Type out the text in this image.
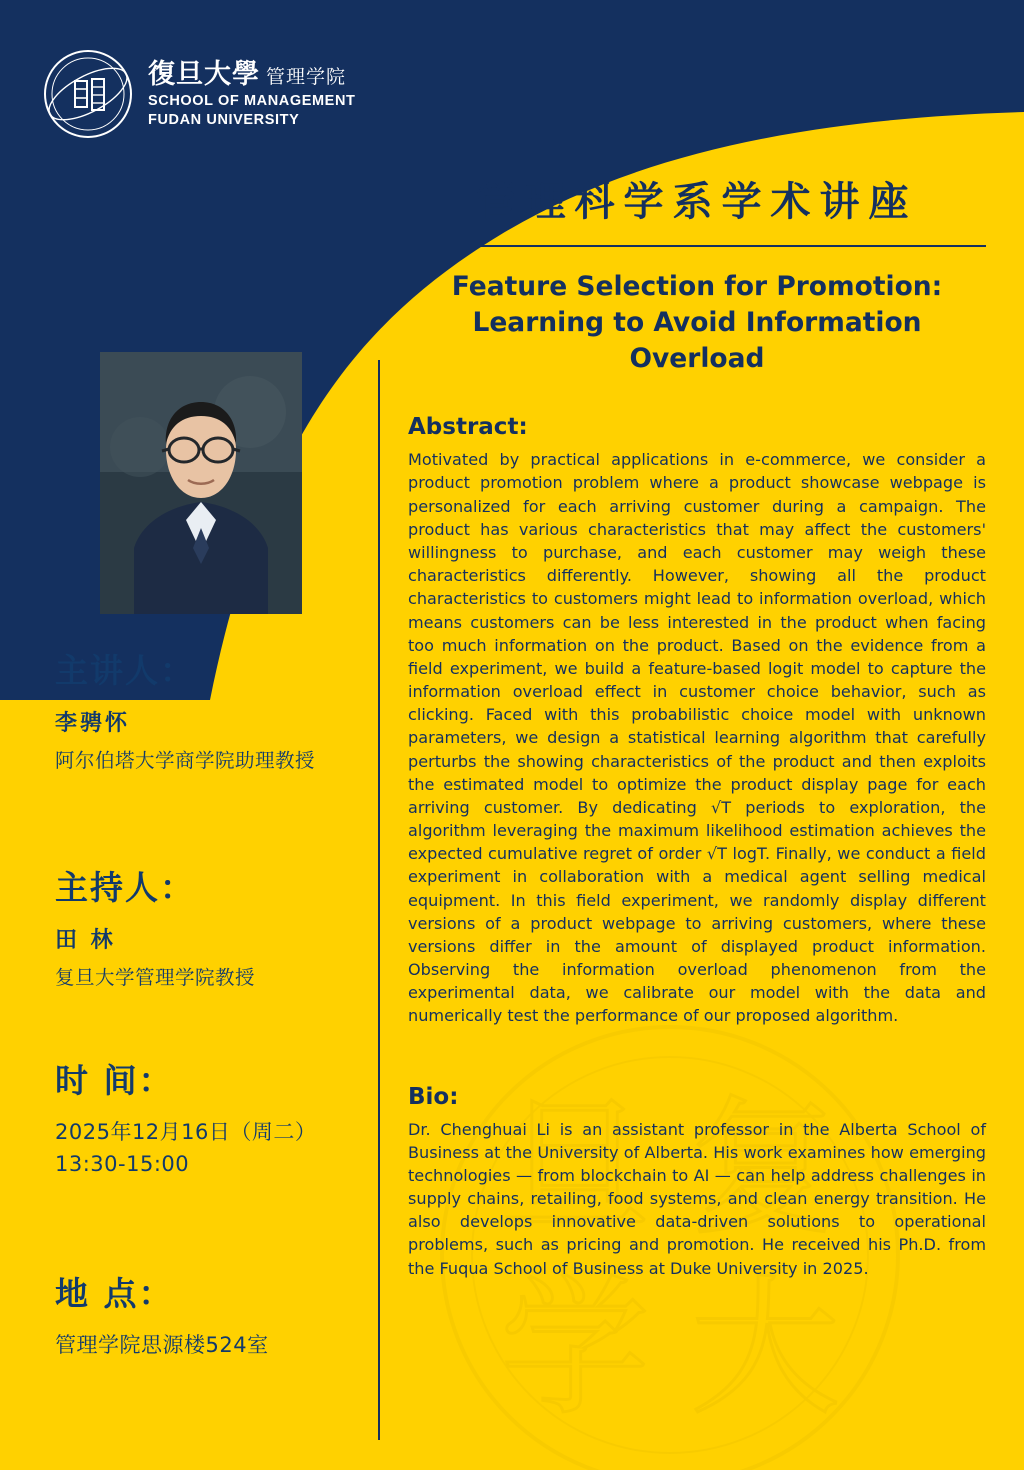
旦 复
学 大
復旦大學 管理学院
SCHOOL OF MANAGEMENT
FUDAN UNIVERSITY

主讲人：

李骋怀

阿尔伯塔大学商学院助理教授

主持人：

田 林

复旦大学管理学院教授

时 间：

2025年12月16日（周二）

13:30-15:00

地 点：

管理学院思源楼524室

管理科学系学术讲座
Feature Selection for Promotion:
Learning to Avoid Information Overload
Abstract:

Motivated by practical applications in e-commerce, we consider a product promotion problem where a product showcase webpage is personalized for each arriving customer during a campaign. The product has various characteristics that may affect the customers' willingness to purchase, and each customer may weigh these characteristics differently. However, showing all the product characteristics to customers might lead to information overload, which means customers can be less interested in the product when facing too much information on the product. Based on the evidence from a field experiment, we build a feature-based logit model to capture the information overload effect in customer choice behavior, such as clicking. Faced with this probabilistic choice model with unknown parameters, we design a statistical learning algorithm that carefully perturbs the showing characteristics of the product and then exploits the estimated model to optimize the product display page for each arriving customer. By dedicating √T periods to exploration, the algorithm leveraging the maximum likelihood estimation achieves the expected cumulative regret of order √T logT. Finally, we conduct a field experiment in collaboration with a medical agent selling medical equipment. In this field experiment, we randomly display different versions of a product webpage to arriving customers, where these versions differ in the amount of displayed product information. Observing the information overload phenomenon from the experimental data, we calibrate our model with the data and numerically test the performance of our proposed algorithm.

Bio:

Dr. Chenghuai Li is an assistant professor in the Alberta School of Business at the University of Alberta. His work examines how emerging technologies — from blockchain to AI — can help address challenges in supply chains, retailing, food systems, and clean energy transition. He also develops innovative data-driven solutions to operational problems, such as pricing and promotion. He received his Ph.D. from the Fuqua School of Business at Duke University in 2025.
